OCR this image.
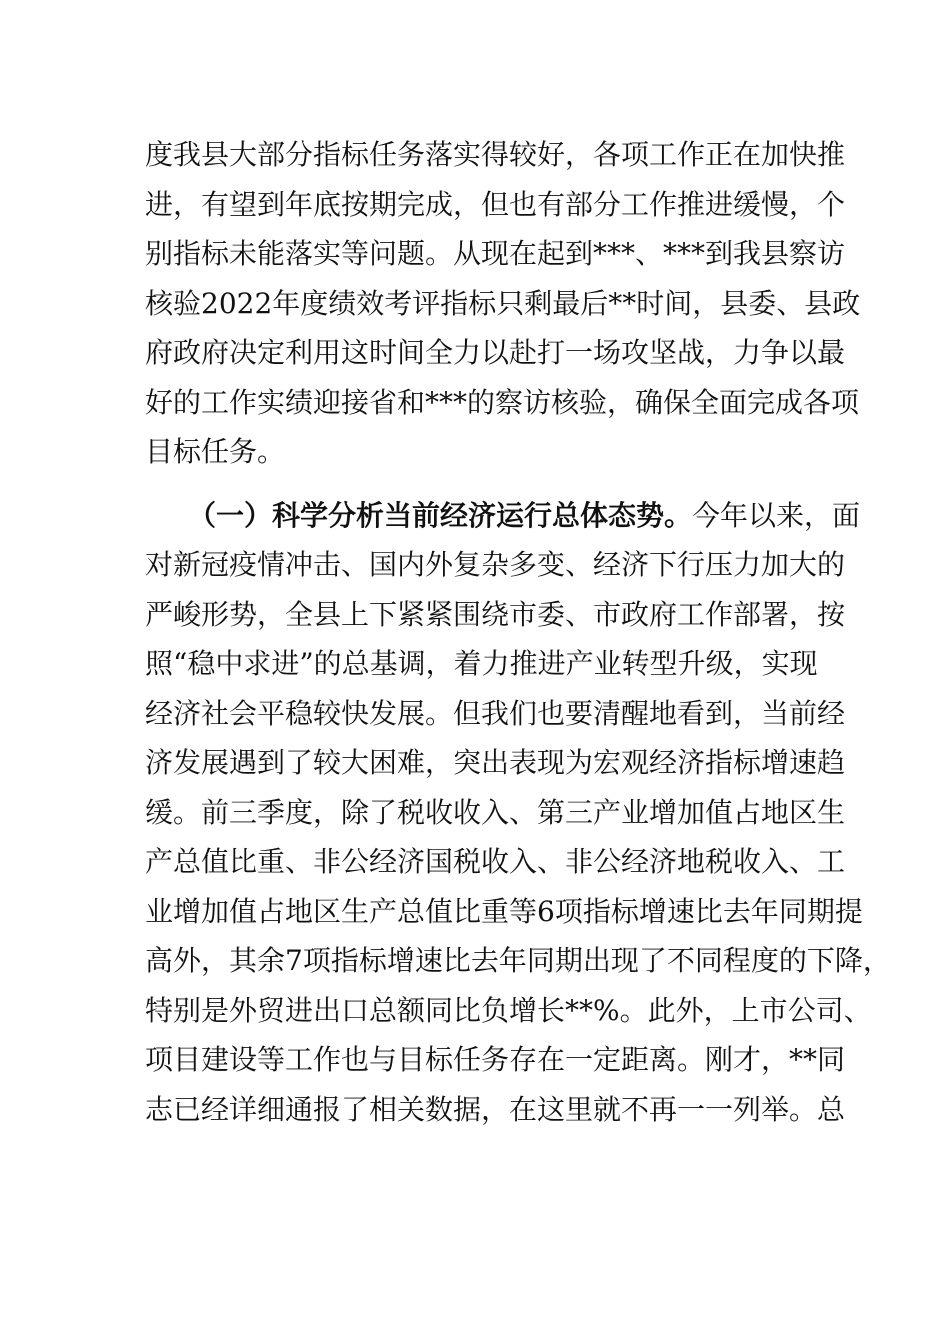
度我县大部分指标任务落实得较好，各项工作正在加快推
进，有望到年底按期完成，但也有部分工作推进缓慢，个
别指标未能落实等问题。从现在起到***、***到我县察访
核验2022年度绩效考评指标只剩最后**时间，县委、县政
府政府决定利用这时间全力以赴打一场攻坚战，力争以最
好的工作实绩迎接省和***的察访核验，确保全面完成各项
目标任务。
（一）科学分析当前经济运行总体态势。今年以来，面
对新冠疫情冲击、国内外复杂多变、经济下行压力加大的
严峻形势，全县上下紧紧围绕市委、市政府工作部署，按
照“稳中求进”的总基调，着力推进产业转型升级，实现
经济社会平稳较快发展。但我们也要清醒地看到，当前经
济发展遇到了较大困难，突出表现为宏观经济指标增速趋
缓。前三季度，除了税收收入、第三产业增加值占地区生
产总值比重、非公经济国税收入、非公经济地税收入、工
业增加值占地区生产总值比重等6项指标增速比去年同期提
高外，其余7项指标增速比去年同期出现了不同程度的下降，
特别是外贸进出口总额同比负增长**%。此外，上市公司、
项目建设等工作也与目标任务存在一定距离。刚才，**同
志已经详细通报了相关数据，在这里就不再一一列举。总
